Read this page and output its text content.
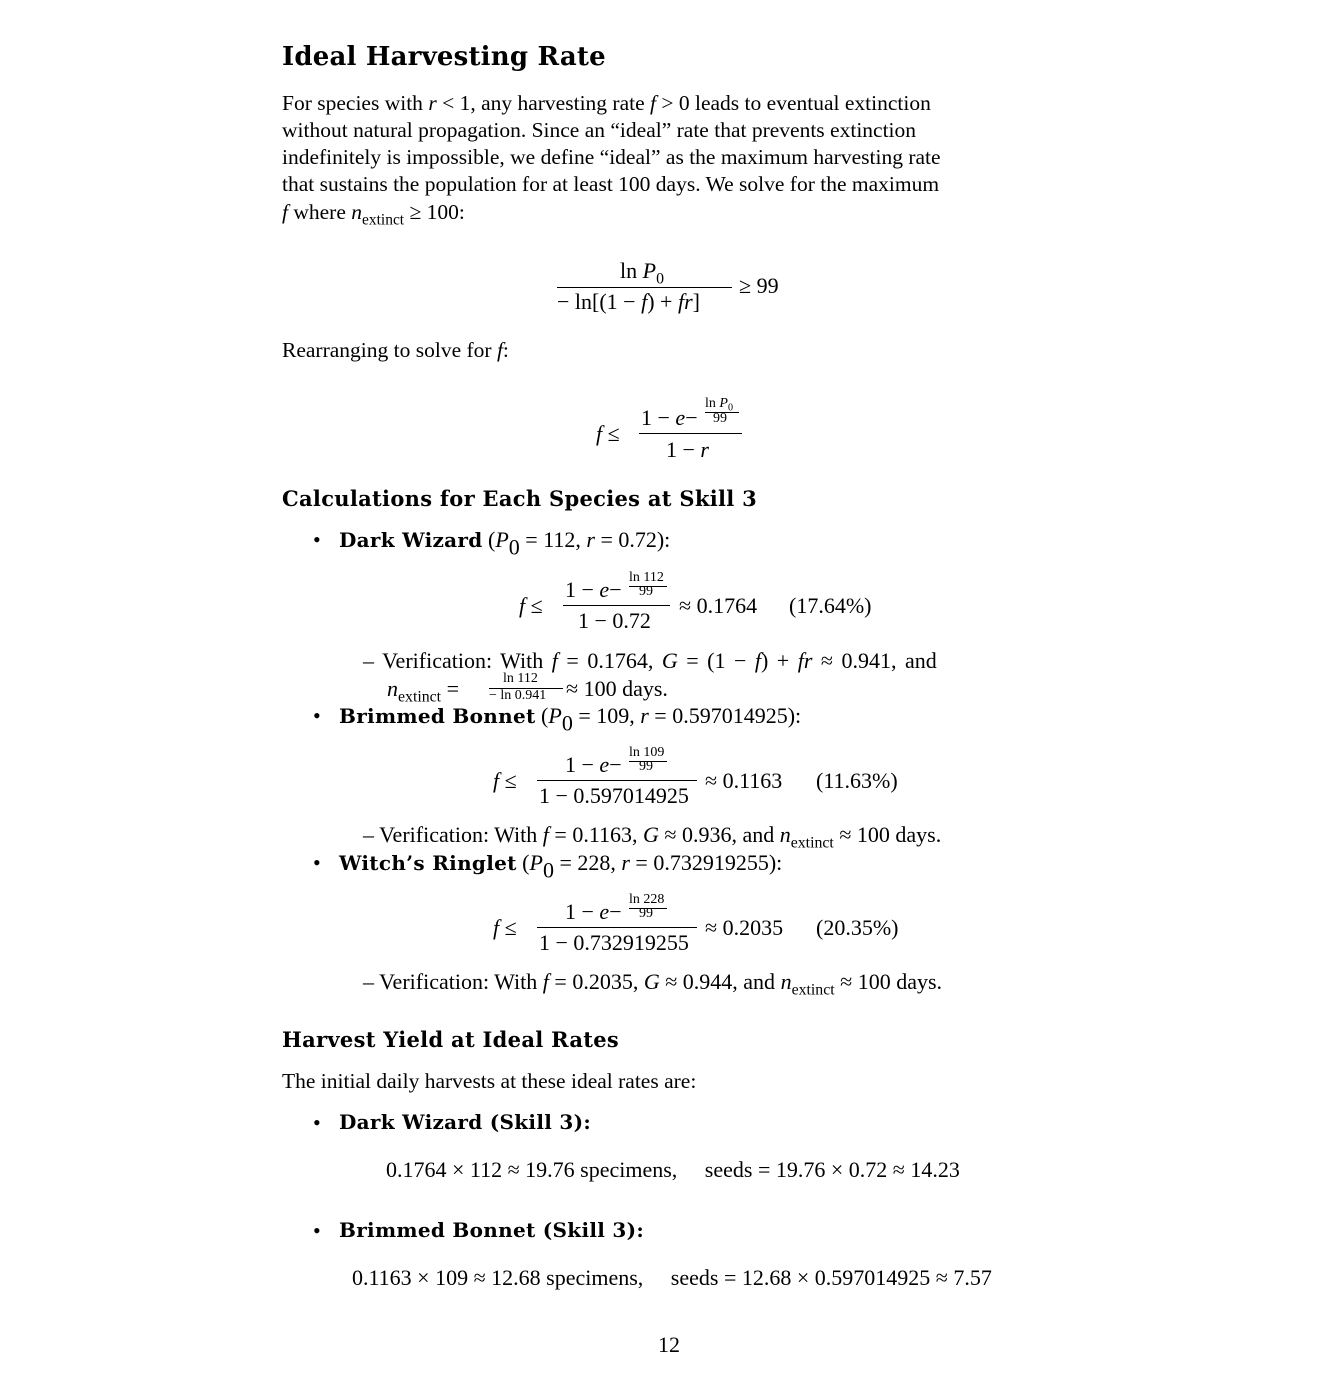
Ideal Harvesting Rate
For species with r < 1, any harvesting rate f > 0 leads to eventual extinction
without natural propagation. Since an “ideal” rate that prevents extinction
indefinitely is impossible, we define “ideal” as the maximum harvesting rate
that sustains the population for at least 100 days. We solve for the maximum
f where $n_{extinct} \ge 100$:
$\ln P_0$
− ln[(1 − f) + fr]
≥ 99
Rearranging to solve for f:
f ≤
1 − e−
$\ln P_0$
99
1 − r
Calculations for Each Species at Skill 3
• Dark Wizard ($P_0 = 112$, r = 0.72):
f ≤
1 − e− ln 112
99
1 − 0.72
≈ 0.1764 (17.64%)
– Verification: With f = 0.1764, G = (1 − f) + fr ≈ 0.941, and
$n_{extinct}$ =	ln 112
− ln 0.941 ≈ 100 days.
• Brimmed Bonnet ($P_0 = 109$, r = 0.597014925):
f ≤
1 − e− ln 109
99
1 − 0.597014925
≈ 0.1163 (11.63%)
– Verification: With f = 0.1163, G ≈ 0.936, and $n_{extinct} \approx 100$ days.
• Witch’s Ringlet ($P_0 = 228$, r = 0.732919255):
f ≤
1 − e− ln 228
99
1 − 0.732919255
≈ 0.2035 (20.35%)
– Verification: With f = 0.2035, G ≈ 0.944, and $n_{extinct} \approx 100$ days.
Harvest Yield at Ideal Rates
The initial daily harvests at these ideal rates are:
• Dark Wizard (Skill 3):
0.1764 × 112 ≈ 19.76 specimens,     seeds = 19.76 × 0.72 ≈ 14.23
• Brimmed Bonnet (Skill 3):
0.1163 × 109 ≈ 12.68 specimens,     seeds = 12.68 × 0.597014925 ≈ 7.57
12
